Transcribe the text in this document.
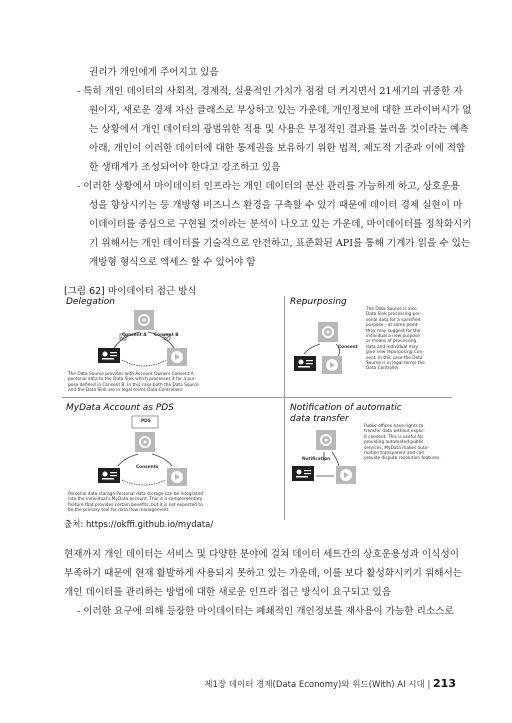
권리가 개인에게 주어지고 있음
- 특히 개인 데이터의 사회적, 경제적, 실용적인 가치가 점점 더 커지면서 21세기의 귀중한 자
원이자, 새로운 경제 자산 클래스로 부상하고 있는 가운데, 개인정보에 대한 프라이버시가 없
는 상황에서 개인 데이터의 광범위한 적용 및 사용은 부정적인 결과를 불러올 것이라는 예측
아래, 개인이 이러한 데이터에 대한 통제권을 보유하기 위한 법적, 제도적 기준과 이에 적합
한 생태계가 조성되어야 한다고 강조하고 있음
- 이러한 상황에서 마이데이터 인프라는 개인 데이터의 분산 관리를 가능하게 하고, 상호운용
성을 향상시키는 등 개방형 비즈니스 환경을 구축할 수 있기 때문에 데이터 경제 실현이 마
이데이터를 중심으로 구현될 것이라는 분석이 나오고 있는 가운데, 마이데이터를 정착화시키
기 위해서는 개인 데이터를 기술적으로 안전하고, 표준화된 API를 통해 기계가 읽을 수 있는
개방형 형식으로 액세스 할 수 있어야 함
[그림 62] 마이데이터 접근 방식
Delegation
Consent A Consent B
The Data Source provides with Account Owners Consent A
personal data to the Data Sink which processes it for a pur-
pose defined in Consent B. In this case both the Data Source
and the Data Sink are in legal terms Data Controllers.
Repurposing
Consent
The Data Source is also
Data Sink processing per-
sonal data for a specified
purpose - at some point
they may suggest for the
individual a new purpose
or means of processing
data and individual may
give new repurposing Con-
sent. In this case the Data
Source is in legal terms the
Data Controller.
MyData Account as PDS
PDS
Consents
Personal data storage Personal data storage can be integrated
into the individual's MyData account. This is a complementary
feature that provides certain benefits, but it is not expected to
be the primary tool for data flow management.
Notification of automatic
data transfer
Notification
Public offices have rights to
transfer data without explic-
it consent. This is useful for
providing automated public
services. MyData makes auto-
mation transparent and can
provide dispute resolution features.
출처: https://okffi.github.io/mydata/
현재까지 개인 데이터는 서비스 및 다양한 분야에 걸쳐 데이터 세트간의 상호운용성과 이식성이
부족하기 때문에 현재 활발하게 사용되지 못하고 있는 가운데, 이를 보다 활성화시키기 위해서는
개인 데이터를 관리하는 방법에 대한 새로운 인프라 접근 방식이 요구되고 있음
- 이러한 요구에 의해 등장한 마이데이터는 폐쇄적인 개인정보를 재사용이 가능한 리소스로
제1장 데이터 경제(Data Economy)와 위드(With) AI 시대 | 213
